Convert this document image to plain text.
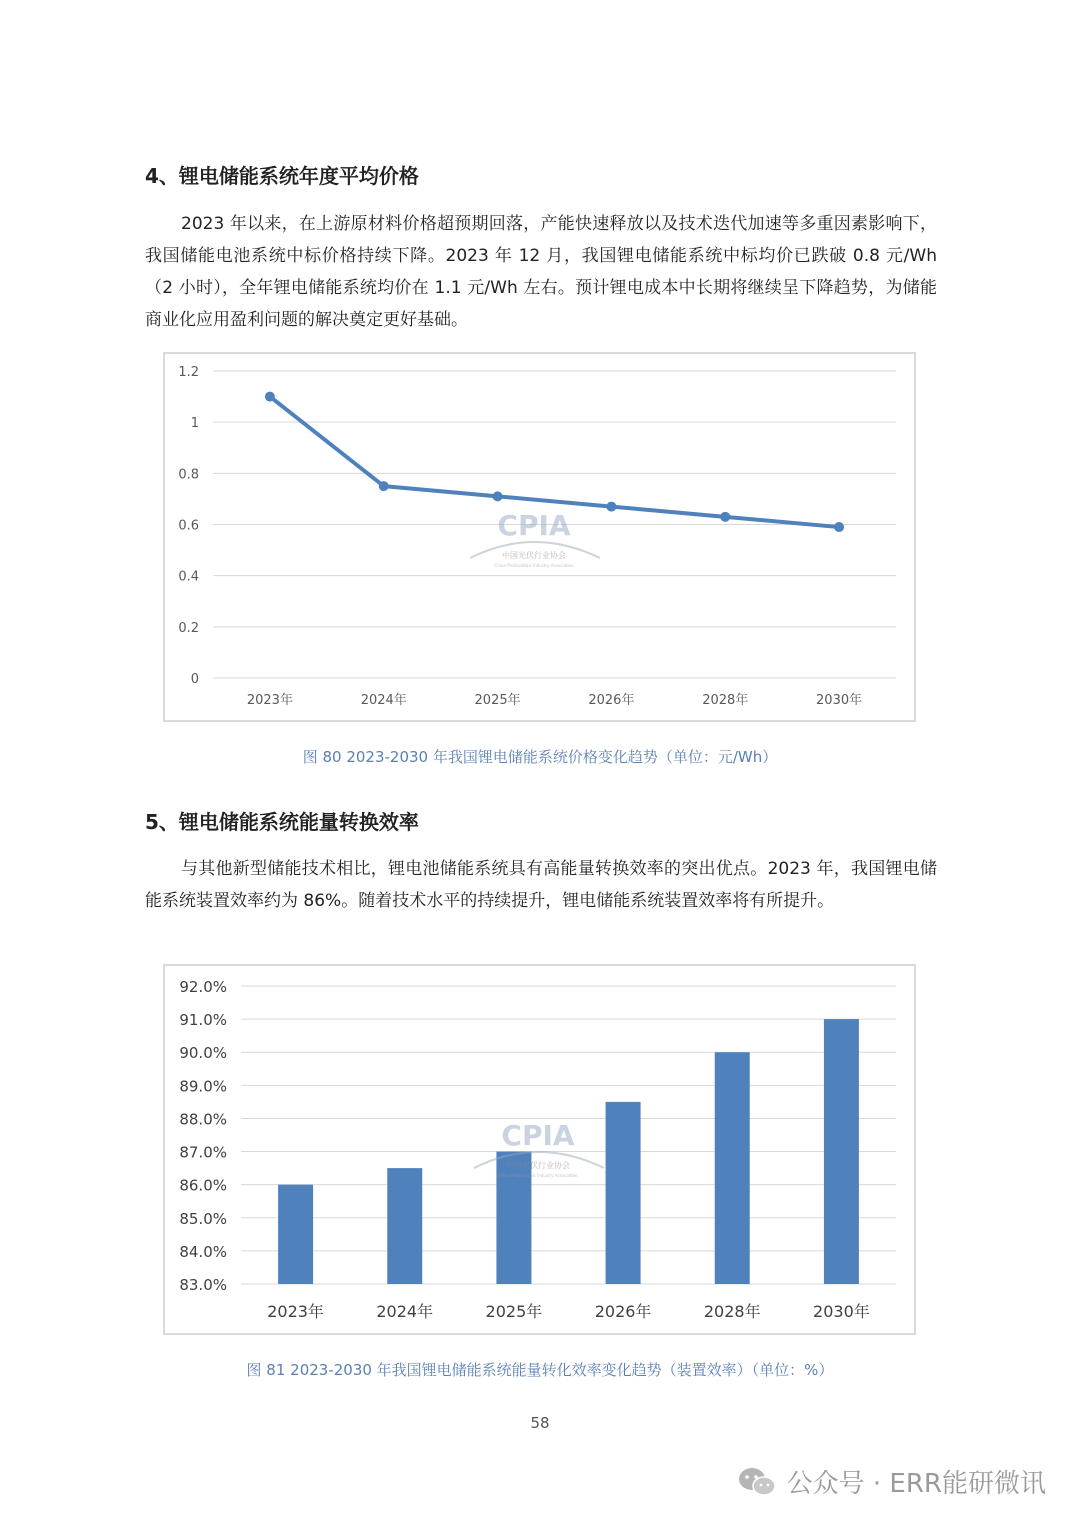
4、锂电储能系统年度平均价格

2023 年以来，在上游原材料价格超预期回落，产能快速释放以及技术迭代加速等多重因素影响下，我国储能电池系统中标价格持续下降。2023 年 12 月，我国锂电储能系统中标均价已跌破 0.8 元/Wh（2 小时），全年锂电储能系统均价在 1.1 元/Wh 左右。预计锂电成本中长期将继续呈下降趋势，为储能商业化应用盈利问题的解决奠定更好基础。

0
0.2
0.4
0.6
0.8
1
1.2
2023年	2024年	2025年	2026年	2028年	2030年
CPIA
中国光伏行业协会
China Photovoltaic Industry Association

图 80 2023-2030 年我国锂电储能系统价格变化趋势（单位：元/Wh）

5、锂电储能系统能量转换效率

与其他新型储能技术相比，锂电池储能系统具有高能量转换效率的突出优点。2023 年，我国锂电储能系统装置效率约为 86%。随着技术水平的持续提升，锂电储能系统装置效率将有所提升。

83.0%
84.0%
85.0%
86.0%
87.0%
88.0%
89.0%
90.0%
91.0%
92.0%
2023年	2024年	2025年	2026年	2028年	2030年
CPIA
中国光伏行业协会
China Photovoltaic Industry Association

图 81 2023-2030 年我国锂电储能系统能量转化效率变化趋势（装置效率）（单位：%）

58
公众号 · ERR能研微讯
